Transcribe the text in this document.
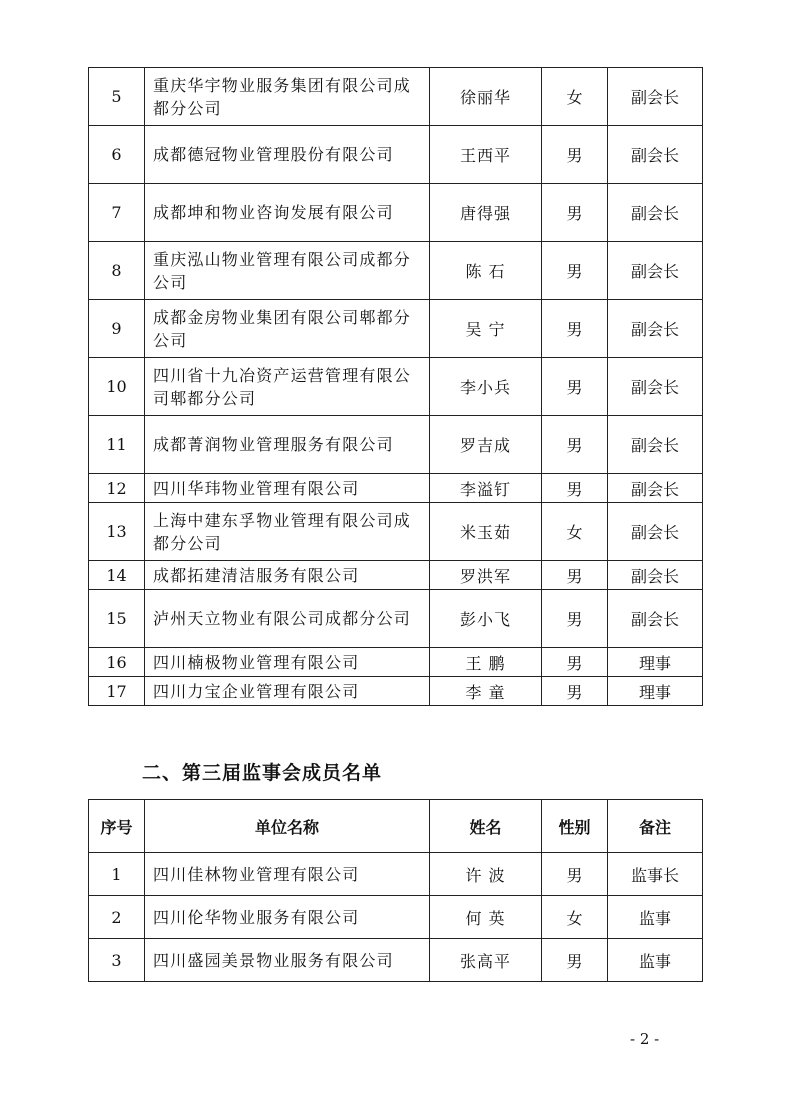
5	重庆华宇物业服务集团有限公司成都分公司	徐丽华	女	副会长
6	成都德冠物业管理股份有限公司	王西平	男	副会长
7	成都坤和物业咨询发展有限公司	唐得强	男	副会长
8	重庆泓山物业管理有限公司成都分公司	陈 石	男	副会长
9	成都金房物业集团有限公司郫都分公司	吴 宁	男	副会长
10	四川省十九冶资产运营管理有限公司郫都分公司	李小兵	男	副会长
11	成都菁润物业管理服务有限公司	罗吉成	男	副会长
12	四川华玮物业管理有限公司	李溢钉	男	副会长
13	上海中建东孚物业管理有限公司成都分公司	米玉茹	女	副会长
14	成都拓建清洁服务有限公司	罗洪军	男	副会长
15	泸州天立物业有限公司成都分公司	彭小飞	男	副会长
16	四川楠极物业管理有限公司	王 鹏	男	理事
17	四川力宝企业管理有限公司	李 童	男	理事
二、第三届监事会成员名单
序号	单位名称	姓名	性别	备注
1	四川佳林物业管理有限公司	许 波	男	监事长
2	四川伦华物业服务有限公司	何 英	女	监事
3	四川盛园美景物业服务有限公司	张高平	男	监事
- 2 -
